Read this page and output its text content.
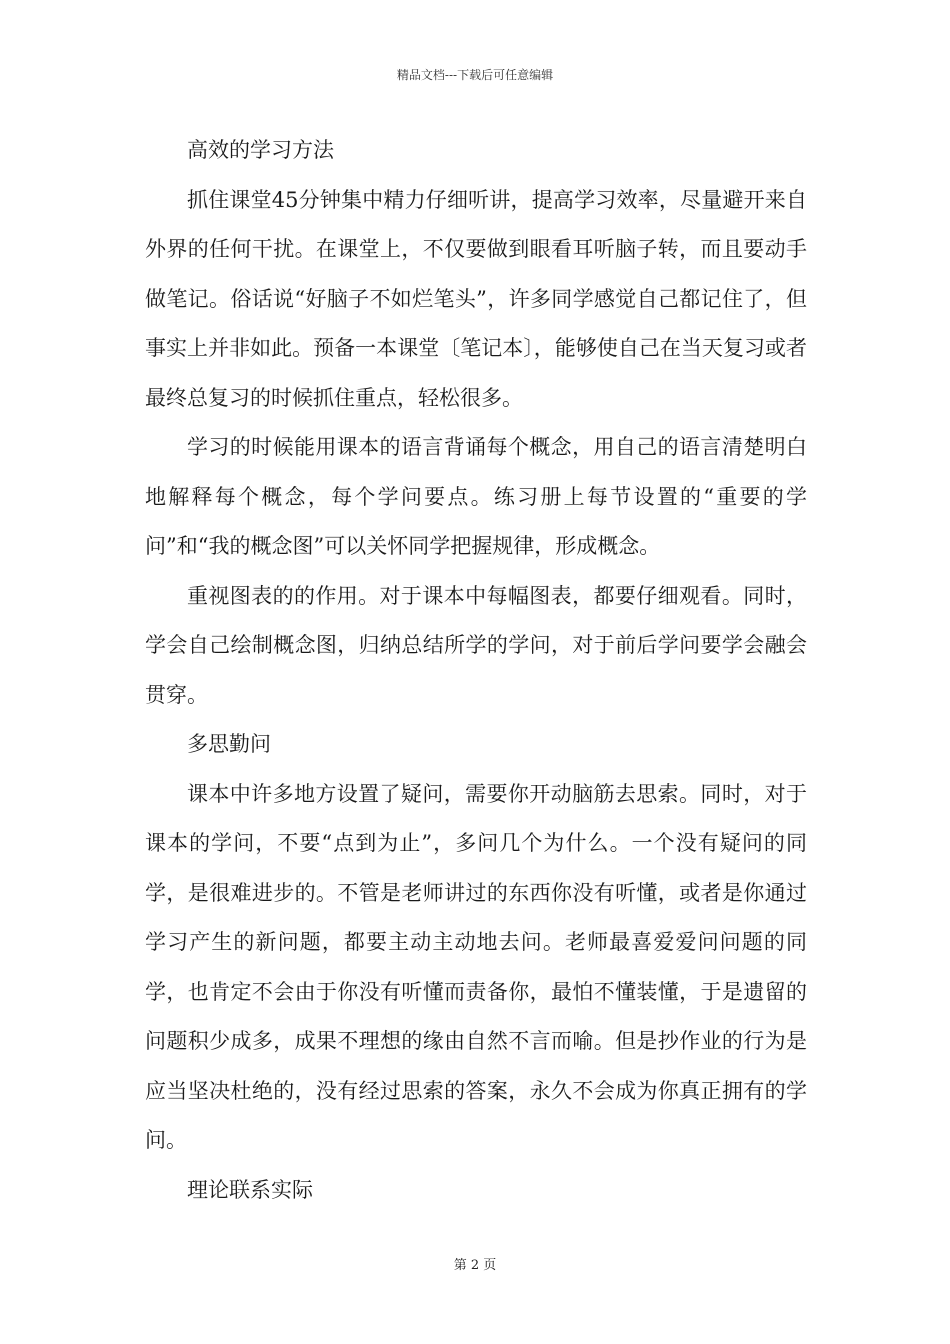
精品文档---下载后可任意编辑

高效的学习方法

抓住课堂45分钟集中精力仔细听讲，提高学习效率，尽量避开来自外界的任何干扰。在课堂上，不仅要做到眼看耳听脑子转，而且要动手做笔记。俗话说“好脑子不如烂笔头”，许多同学感觉自己都记住了，但事实上并非如此。预备一本课堂〔笔记本〕，能够使自己在当天复习或者最终总复习的时候抓住重点，轻松很多。

学习的时候能用课本的语言背诵每个概念，用自己的语言清楚明白地解释每个概念，每个学问要点。练习册上每节设置的“重要的学问”和“我的概念图”可以关怀同学把握规律，形成概念。

重视图表的的作用。对于课本中每幅图表，都要仔细观看。同时，学会自己绘制概念图，归纳总结所学的学问，对于前后学问要学会融会贯穿。

多思勤问

课本中许多地方设置了疑问，需要你开动脑筋去思索。同时，对于课本的学问，不要“点到为止”，多问几个为什么。一个没有疑问的同学，是很难进步的。不管是老师讲过的东西你没有听懂，或者是你通过学习产生的新问题，都要主动主动地去问。老师最喜爱爱问问题的同学，也肯定不会由于你没有听懂而责备你，最怕不懂装懂，于是遗留的问题积少成多，成果不理想的缘由自然不言而喻。但是抄作业的行为是应当坚决杜绝的，没有经过思索的答案，永久不会成为你真正拥有的学问。

理论联系实际

第 2 页
